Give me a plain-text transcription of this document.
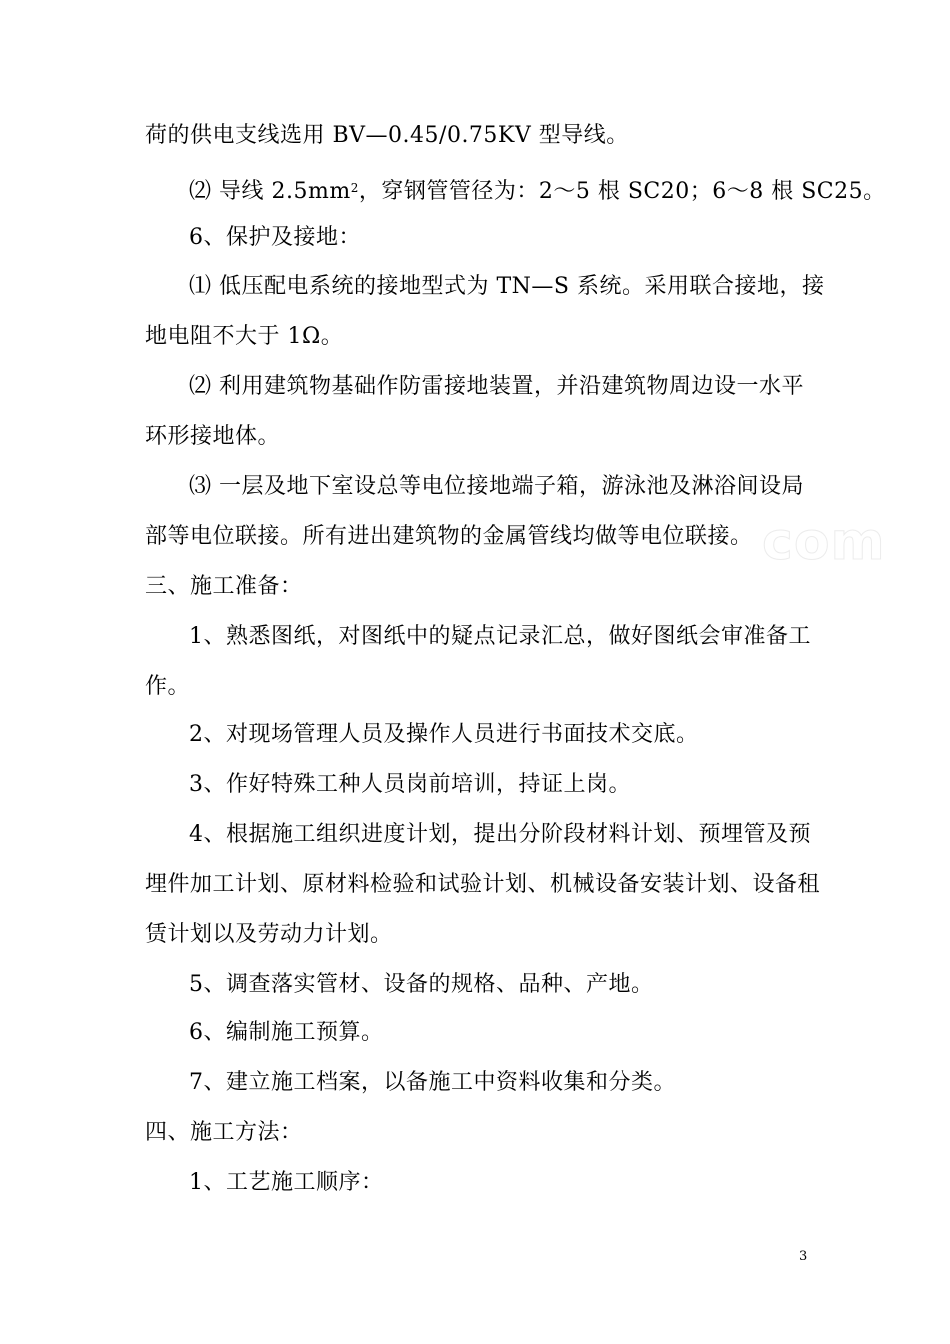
荷的供电支线选用 BV—0.45/0.75KV 型导线。
⑵ 导线 $2.5mm^2$，穿钢管管径为：2～5 根 SC20；6～8 根 SC25。
6、保护及接地：
⑴ 低压配电系统的接地型式为 TN—S 系统。采用联合接地，接
地电阻不大于 1Ω。
⑵ 利用建筑物基础作防雷接地装置，并沿建筑物周边设一水平
环形接地体。
⑶ 一层及地下室设总等电位接地端子箱，游泳池及淋浴间设局
部等电位联接。所有进出建筑物的金属管线均做等电位联接。
三、施工准备：
1、熟悉图纸，对图纸中的疑点记录汇总，做好图纸会审准备工
作。
2、对现场管理人员及操作人员进行书面技术交底。
3、作好特殊工种人员岗前培训，持证上岗。
4、根据施工组织进度计划，提出分阶段材料计划、预埋管及预
埋件加工计划、原材料检验和试验计划、机械设备安装计划、设备租
赁计划以及劳动力计划。
5、调查落实管材、设备的规格、品种、产地。
6、编制施工预算。
7、建立施工档案，以备施工中资料收集和分类。
四、施工方法：
1、工艺施工顺序：
com
3
